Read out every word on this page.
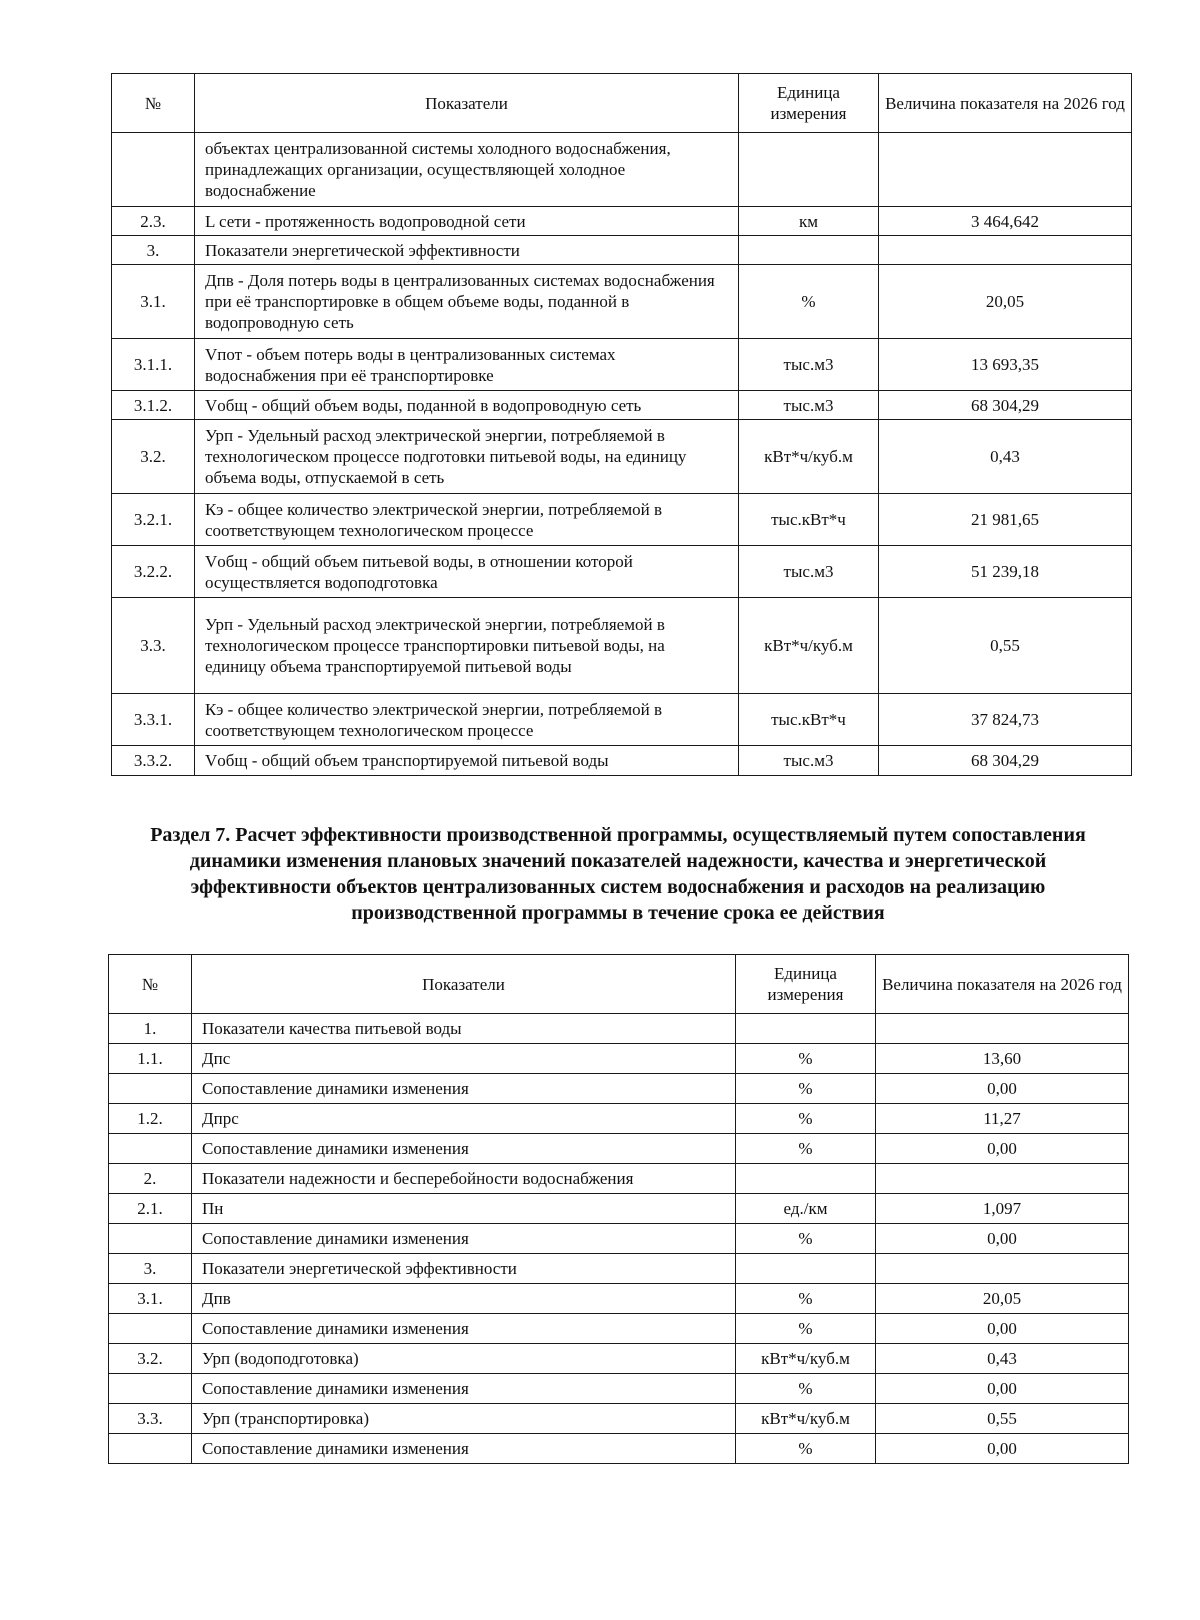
№	Показатели	Единица измерения	Величина показателя на 2026 год
	объектах централизованной системы холодного водоснабжения, принадлежащих организации, осуществляющей холодное водоснабжение		
2.3.	L сети - протяженность водопроводной сети	км	3 464,642
3.	Показатели энергетической эффективности		
3.1.	Дпв - Доля потерь воды в централизованных системах водоснабжения при её транспортировке в общем объеме воды, поданной в водопроводную сеть	%	20,05
3.1.1.	Vпот - объем потерь воды в централизованных системах водоснабжения при её транспортировке	тыс.м3	13 693,35
3.1.2.	Vобщ - общий объем воды, поданной в водопроводную сеть	тыс.м3	68 304,29
3.2.	Урп - Удельный расход электрической энергии, потребляемой в технологическом процессе подготовки питьевой воды, на единицу объема воды, отпускаемой в сеть	кВт*ч/куб.м	0,43
3.2.1.	Кэ - общее количество электрической энергии, потребляемой в соответствующем технологическом процессе	тыс.кВт*ч	21 981,65
3.2.2.	Vобщ - общий объем питьевой воды, в отношении которой осуществляется водоподготовка	тыс.м3	51 239,18
3.3.	Урп - Удельный расход электрической энергии, потребляемой в технологическом процессе транспортировки питьевой воды, на единицу объема транспортируемой питьевой воды	кВт*ч/куб.м	0,55
3.3.1.	Кэ - общее количество электрической энергии, потребляемой в соответствующем технологическом процессе	тыс.кВт*ч	37 824,73
3.3.2.	Vобщ - общий объем транспортируемой питьевой воды	тыс.м3	68 304,29
Раздел 7. Расчет эффективности производственной программы, осуществляемый путем сопоставления динамики изменения плановых значений показателей надежности, качества и энергетической эффективности объектов централизованных систем водоснабжения и расходов на реализацию производственной программы в течение срока ее действия
№	Показатели	Единица измерения	Величина показателя на 2026 год
1.	Показатели качества питьевой воды		
1.1.	Дпс	%	13,60
	Сопоставление динамики изменения	%	0,00
1.2.	Дпрс	%	11,27
	Сопоставление динамики изменения	%	0,00
2.	Показатели надежности и бесперебойности водоснабжения		
2.1.	Пн	ед./км	1,097
	Сопоставление динамики изменения	%	0,00
3.	Показатели энергетической эффективности		
3.1.	Дпв	%	20,05
	Сопоставление динамики изменения	%	0,00
3.2.	Урп (водоподготовка)	кВт*ч/куб.м	0,43
	Сопоставление динамики изменения	%	0,00
3.3.	Урп (транспортировка)	кВт*ч/куб.м	0,55
	Сопоставление динамики изменения	%	0,00
